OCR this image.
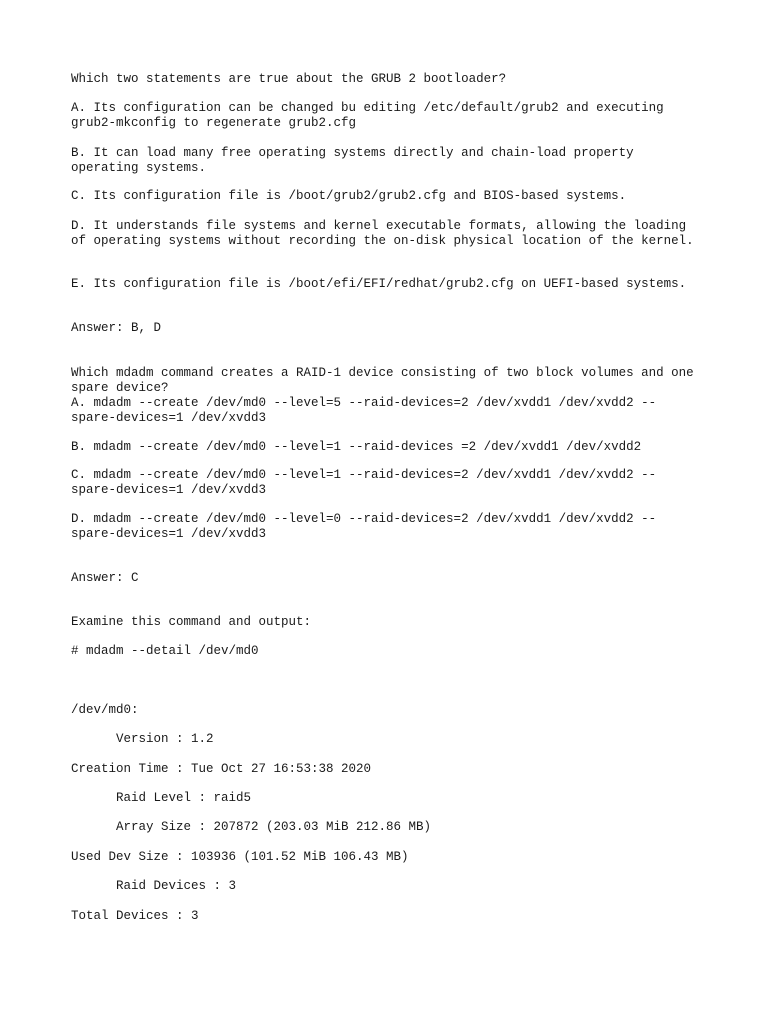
Which two statements are true about the GRUB 2 bootloader?
A. Its configuration can be changed bu editing /etc/default/grub2 and executing
grub2-mkconfig to regenerate grub2.cfg
B. It can load many free operating systems directly and chain-load property
operating systems.
C. Its configuration file is /boot/grub2/grub2.cfg and BIOS-based systems.
D. It understands file systems and kernel executable formats, allowing the loading
of operating systems without recording the on-disk physical location of the kernel.
E. Its configuration file is /boot/efi/EFI/redhat/grub2.cfg on UEFI-based systems.
Answer: B, D
Which mdadm command creates a RAID-1 device consisting of two block volumes and one
spare device?
A. mdadm --create /dev/md0 --level=5 --raid-devices=2 /dev/xvdd1 /dev/xvdd2 --
spare-devices=1 /dev/xvdd3
B. mdadm --create /dev/md0 --level=1 --raid-devices =2 /dev/xvdd1 /dev/xvdd2
C. mdadm --create /dev/md0 --level=1 --raid-devices=2 /dev/xvdd1 /dev/xvdd2 --
spare-devices=1 /dev/xvdd3
D. mdadm --create /dev/md0 --level=0 --raid-devices=2 /dev/xvdd1 /dev/xvdd2 --
spare-devices=1 /dev/xvdd3
Answer: C
Examine this command and output:
# mdadm --detail /dev/md0
/dev/md0:
Version : 1.2
Creation Time : Tue Oct 27 16:53:38 2020
Raid Level : raid5
Array Size : 207872 (203.03 MiB 212.86 MB)
Used Dev Size : 103936 (101.52 MiB 106.43 MB)
Raid Devices : 3
Total Devices : 3
